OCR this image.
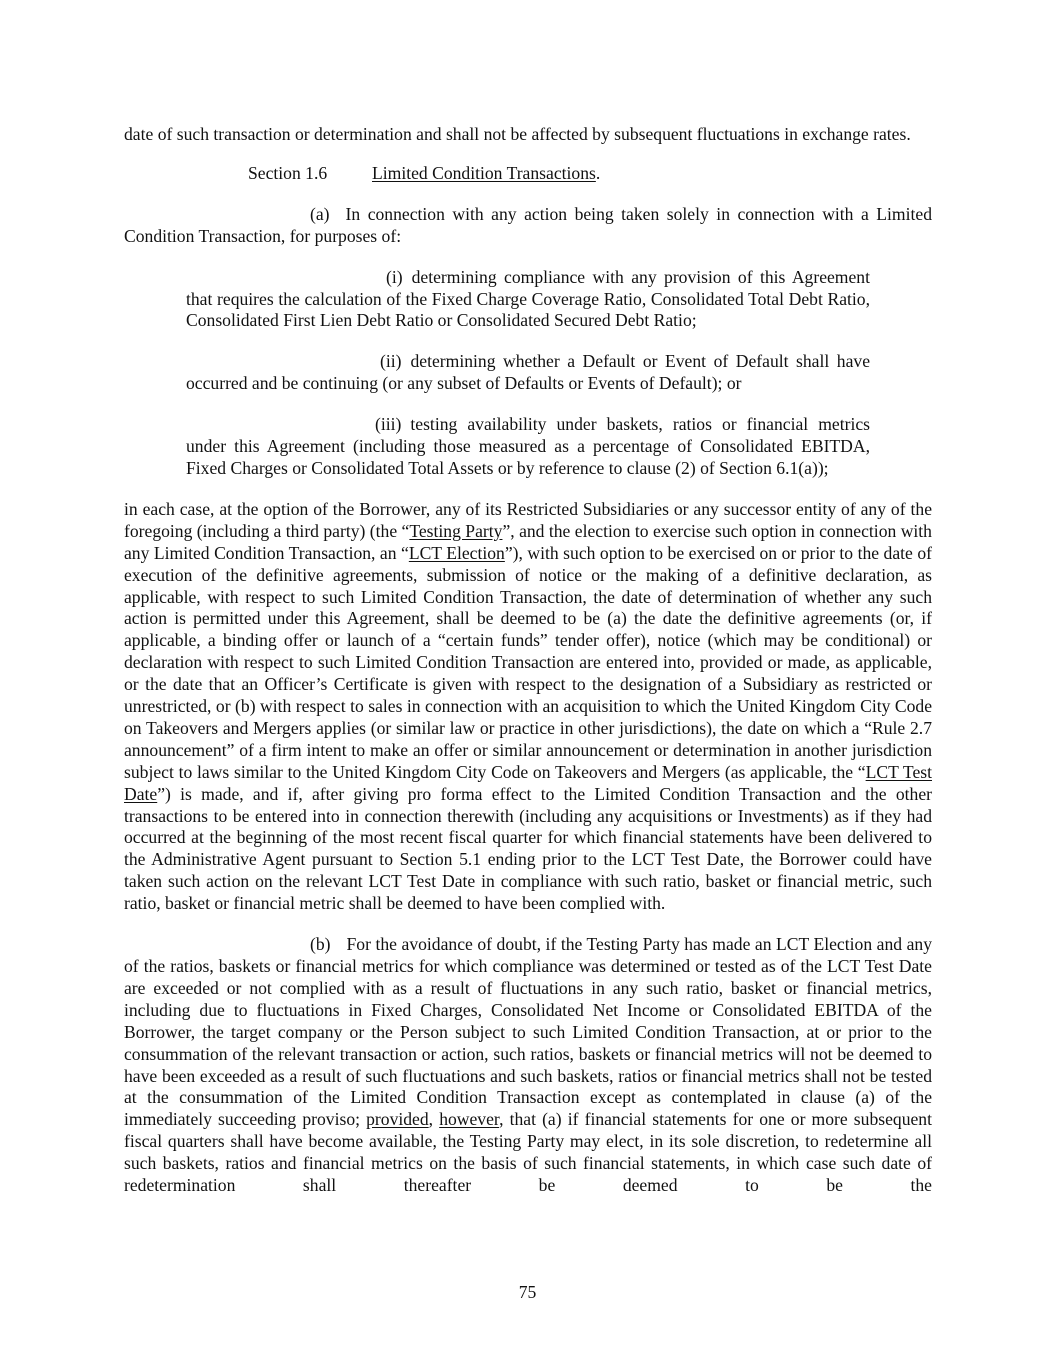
date of such transaction or determination and shall not be affected by subsequent fluctuations in exchange rates.

Section 1.6	Limited Condition Transactions.

(a) In connection with any action being taken solely in connection with a Limited Condition Transaction, for purposes of:

(i) determining compliance with any provision of this Agreement that requires the calculation of the Fixed Charge Coverage Ratio, Consolidated Total Debt Ratio, Consolidated First Lien Debt Ratio or Consolidated Secured Debt Ratio;

(ii) determining whether a Default or Event of Default shall have occurred and be continuing (or any subset of Defaults or Events of Default); or

(iii) testing availability under baskets, ratios or financial metrics under this Agreement (including those measured as a percentage of Consolidated EBITDA, Fixed Charges or Consolidated Total Assets or by reference to clause (2) of Section 6.1(a));

in each case, at the option of the Borrower, any of its Restricted Subsidiaries or any successor entity of any of the foregoing (including a third party) (the “Testing Party”, and the election to exercise such option in connection with any Limited Condition Transaction, an “LCT Election”), with such option to be exercised on or prior to the date of execution of the definitive agreements, submission of notice or the making of a definitive declaration, as applicable, with respect to such Limited Condition Transaction, the date of determination of whether any such action is permitted under this Agreement, shall be deemed to be (a) the date the definitive agreements (or, if applicable, a binding offer or launch of a “certain funds” tender offer), notice (which may be conditional) or declaration with respect to such Limited Condition Transaction are entered into, provided or made, as applicable, or the date that an Officer’s Certificate is given with respect to the designation of a Subsidiary as restricted or unrestricted, or (b) with respect to sales in connection with an acquisition to which the United Kingdom City Code on Takeovers and Mergers applies (or similar law or practice in other jurisdictions), the date on which a “Rule 2.7 announcement” of a firm intent to make an offer or similar announcement or determination in another jurisdiction subject to laws similar to the United Kingdom City Code on Takeovers and Mergers (as applicable, the “LCT Test Date”) is made, and if, after giving pro forma effect to the Limited Condition Transaction and the other transactions to be entered into in connection therewith (including any acquisitions or Investments) as if they had occurred at the beginning of the most recent fiscal quarter for which financial statements have been delivered to the Administrative Agent pursuant to Section 5.1 ending prior to the LCT Test Date, the Borrower could have taken such action on the relevant LCT Test Date in compliance with such ratio, basket or financial metric, such ratio, basket or financial metric shall be deemed to have been complied with.

(b) For the avoidance of doubt, if the Testing Party has made an LCT Election and any of the ratios, baskets or financial metrics for which compliance was determined or tested as of the LCT Test Date are exceeded or not complied with as a result of fluctuations in any such ratio, basket or financial metrics, including due to fluctuations in Fixed Charges, Consolidated Net Income or Consolidated EBITDA of the Borrower, the target company or the Person subject to such Limited Condition Transaction, at or prior to the consummation of the relevant transaction or action, such ratios, baskets or financial metrics will not be deemed to have been exceeded as a result of such fluctuations and such baskets, ratios or financial metrics shall not be tested at the consummation of the Limited Condition Transaction except as contemplated in clause (a) of the immediately succeeding proviso; provided, however, that (a) if financial statements for one or more subsequent fiscal quarters shall have become available, the Testing Party may elect, in its sole discretion, to redetermine all such baskets, ratios and financial metrics on the basis of such financial statements, in which case such date of redetermination shall thereafter be deemed to be the

75
